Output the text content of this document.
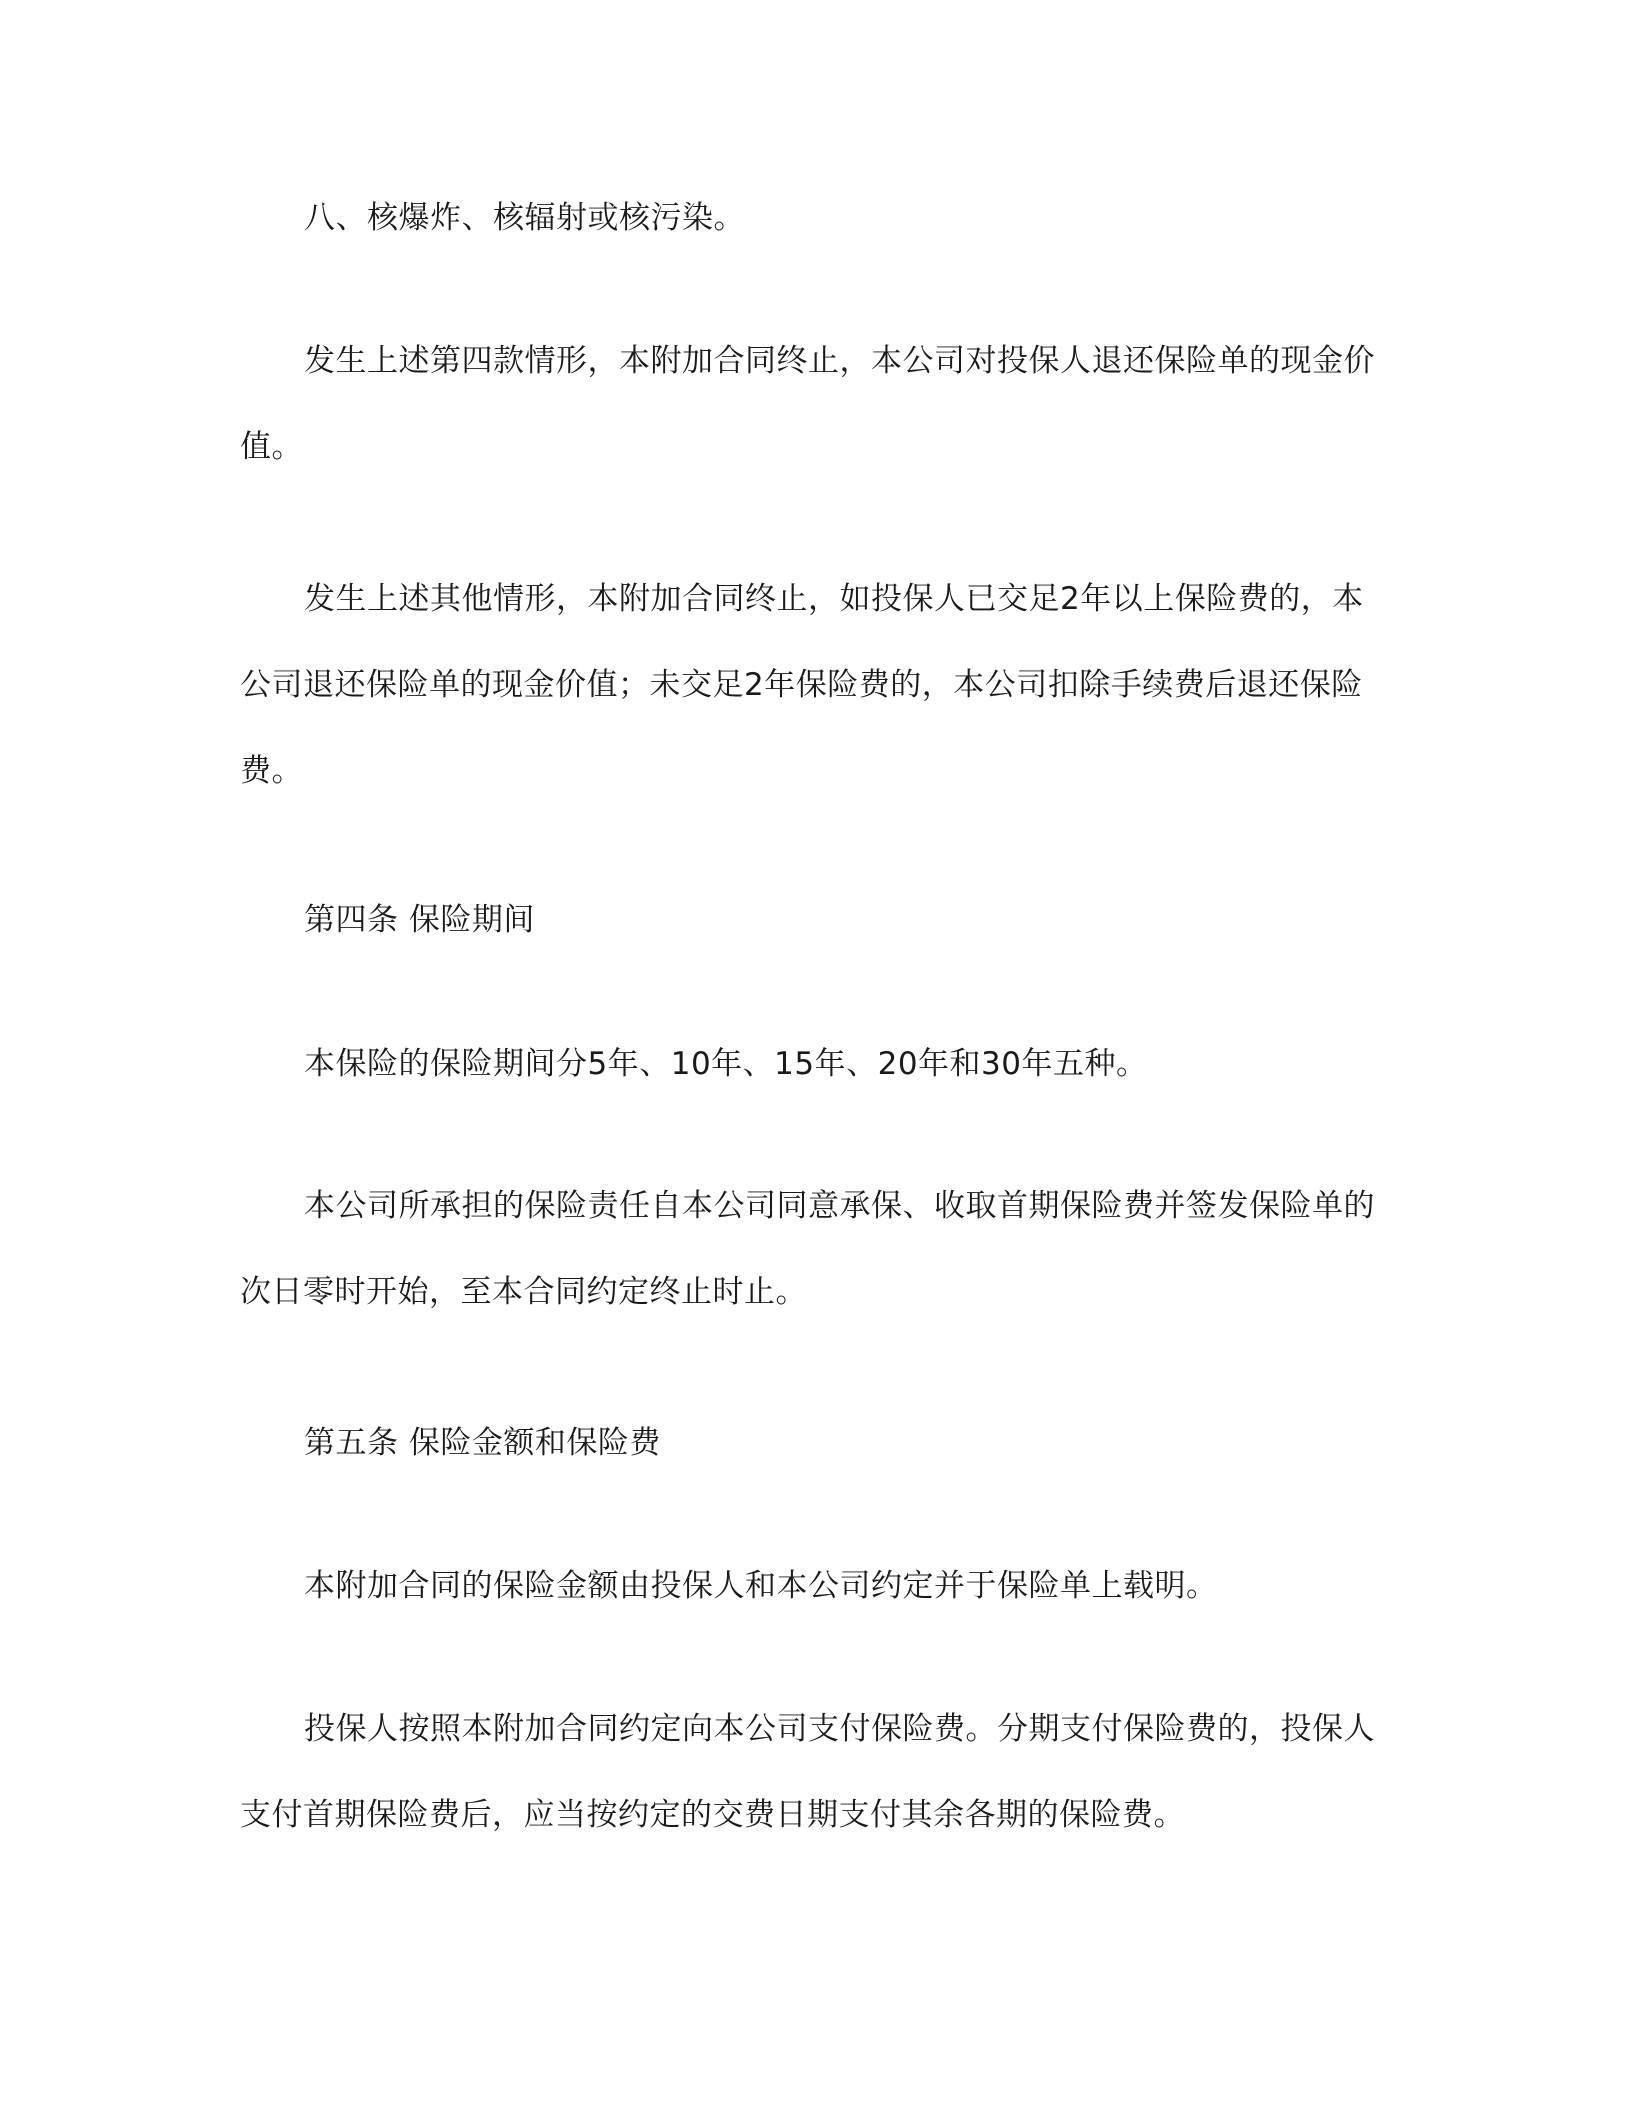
八、核爆炸、核辐射或核污染。

发生上述第四款情形，本附加合同终止，本公司对投保人退还保险单的现金价值。

发生上述其他情形，本附加合同终止，如投保人已交足2年以上保险费的，本公司退还保险单的现金价值；未交足2年保险费的，本公司扣除手续费后退还保险费。

第四条 保险期间

本保险的保险期间分5年、10年、15年、20年和30年五种。

本公司所承担的保险责任自本公司同意承保、收取首期保险费并签发保险单的次日零时开始，至本合同约定终止时止。

第五条 保险金额和保险费

本附加合同的保险金额由投保人和本公司约定并于保险单上载明。

投保人按照本附加合同约定向本公司支付保险费。分期支付保险费的，投保人支付首期保险费后，应当按约定的交费日期支付其余各期的保险费。
